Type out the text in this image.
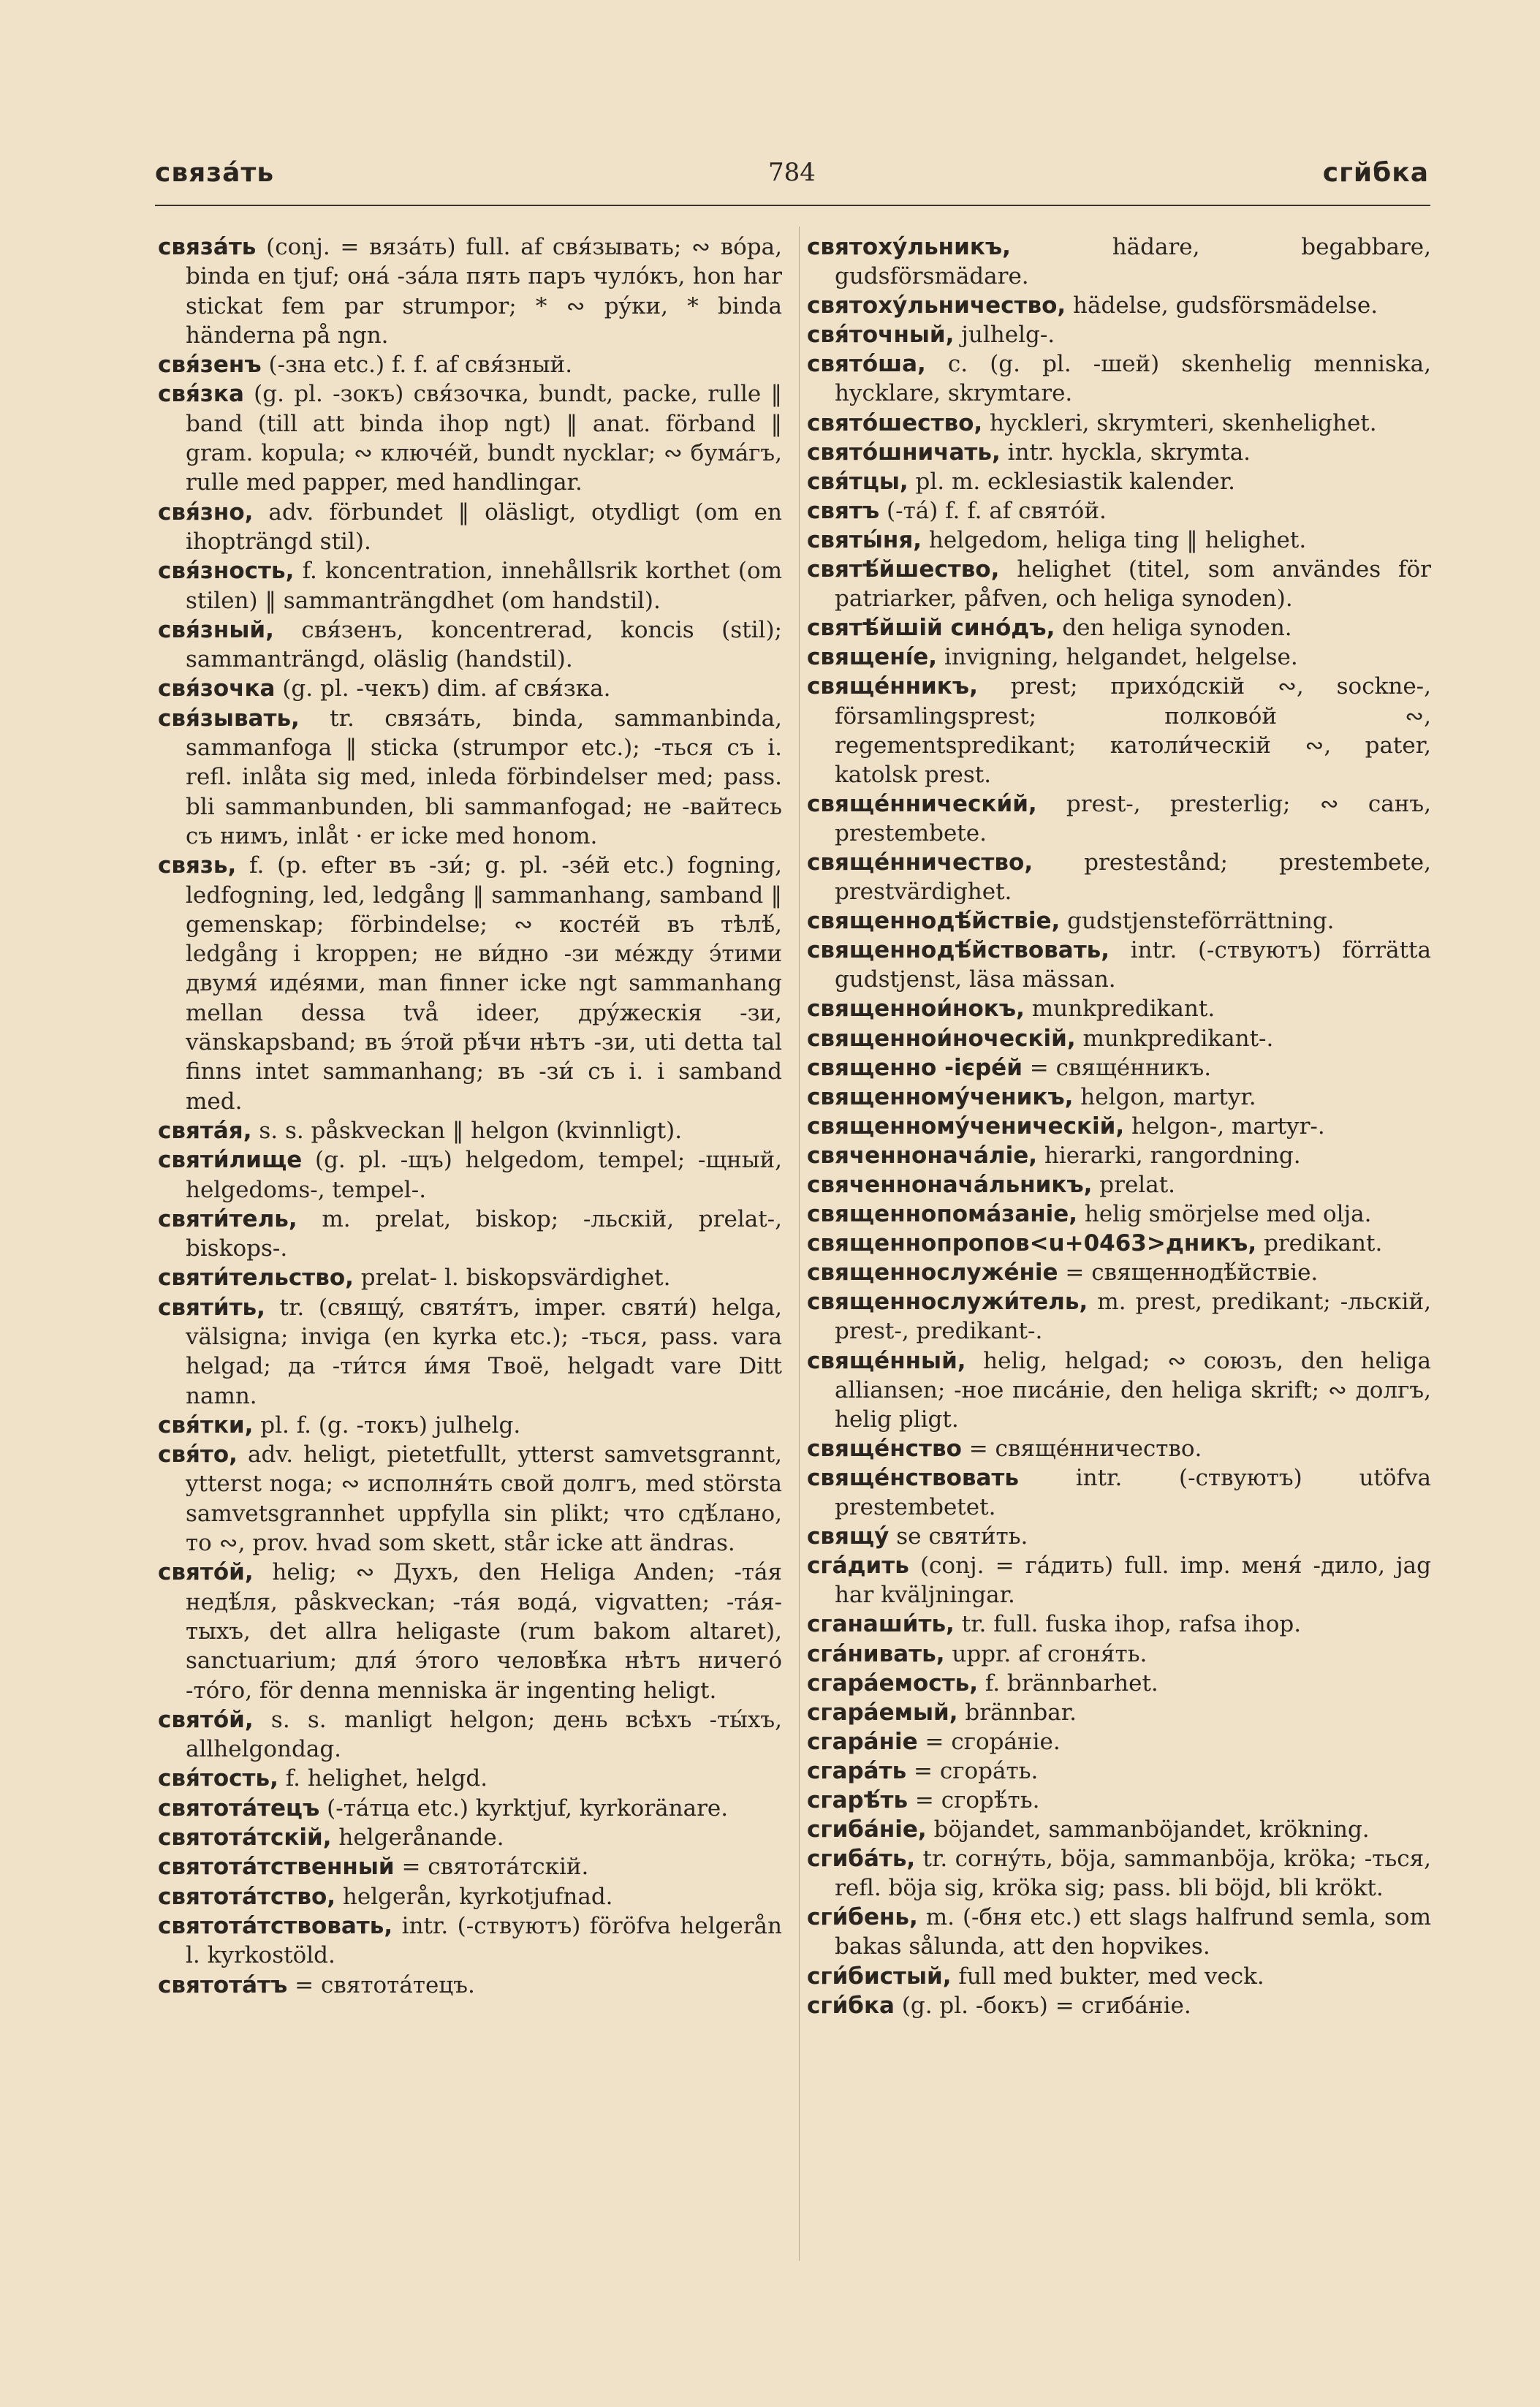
связáть	784	сгйбка

связáть (conj. = вязáть) full. af свя́зывать; ∾ вóра, binda en tjuf; онá -зáла пять паръ чулóкъ, hon har stickat fem par strumpor; * ∾ рýки, * binda händerna på ngn.

свя́зенъ (-зна etc.) f. f. af свя́зный.

свя́зка (g. pl. -зокъ) свя́зочка, bundt, packe, rulle ‖ band (till att binda ihop ngt) ‖ anat. förband ‖ gram. kopula; ∾ ключéй, bundt nycklar; ∾ бумáгъ, rulle med papper, med handlingar.

свя́зно, adv. förbundet ‖ oläsligt, otydligt (om en ihopträngd stil).

свя́зность, f. koncentration, innehållsrik korthet (om stilen) ‖ sammanträngdhet (om handstil).

свя́зный, свя́зенъ, koncentrerad, koncis (stil); sammanträngd, oläslig (handstil).

свя́зочка (g. pl. -чекъ) dim. af свя́зка.

свя́зывать, tr. связáть, binda, sammanbinda, sammanfoga ‖ sticka (strumpor etc.); -ться съ i. refl. inlåta sig med, inleda förbindelser med; pass. bli sammanbunden, bli sammanfogad; не -вайтесь съ нимъ, inlåt · er icke med honom.

связь, f. (p. efter въ -зи́; g. pl. -зéй etc.) fogning, ledfogning, led, ledgång ‖ sammanhang, samband ‖ gemenskap; förbindelse; ∾ костéй въ тѣлѣ́, ledgång i kroppen; не ви́дно -зи мéжду э́тими двумя́ идéями, man finner icke ngt sammanhang mellan dessa två ideer, дрýжескія -зи, vänskapsband; въ э́той рѣ́чи нѣтъ -зи, uti detta tal finns intet sammanhang; въ -зи́ съ i. i samband med.

святáя, s. s. påskveckan ‖ helgon (kvinnligt).

святи́лище (g. pl. -щъ) helgedom, tempel; -щный, helgedoms-, tempel-.

святи́тель, m. prelat, biskop; -льскій, prelat-, biskops-.

святи́тельство, prelat- l. biskopsvärdighet.

святи́ть, tr. (свящý, святя́тъ, imper. святи́) helga, välsigna; inviga (en kyrka etc.); -ться, pass. vara helgad; да -ти́тся и́мя Твоё, helgadt vare Ditt namn.

свя́тки, pl. f. (g. -токъ) julhelg.

свя́то, adv. heligt, pietetfullt, ytterst samvetsgrannt, ytterst noga; ∾ исполня́ть свой долгъ, med största samvetsgrannhet uppfylla sin plikt; что сдѣ́лано, то ∾, prov. hvad som skett, står icke att ändras.

святóй, helig; ∾ Духъ, den Heliga Anden; -тáя недѣ́ля, påskveckan; -тáя водá, vigvatten; -тáя-тыхъ, det allra heligaste (rum bakom altaret), sanctuarium; для́ э́того человѣ́ка нѣтъ ничегó -тóго, för denna menniska är ingenting heligt.

святóй, s. s. manligt helgon; день всѣхъ -ты́хъ, allhelgondag.

свя́тость, f. helighet, helgd.

святотáтецъ (-тáтца etc.) kyrktjuf, kyrkoränare.

святотáтскій, helgerånande.

святотáтственный = святотáтскій.

святотáтство, helgerån, kyrkotjufnad.

святотáтствовать, intr. (-ствуютъ) föröfva helgerån l. kyrkostöld.

святотáтъ = святотáтецъ.

святохýльникъ, hädare, begabbare, gudsförsmädare.

святохýльничество, hädelse, gudsförsmädelse.

свя́точный, julhelg-.

святóша, c. (g. pl. -шей) skenhelig menniska, hycklare, skrymtare.

святóшество, hyckleri, skrymteri, skenhelighet.

святóшничать, intr. hyckla, skrymta.

свя́тцы, pl. m. ecklesiastik kalender.

святъ (-тá) f. f. af святóй.

святы́ня, helgedom, heliga ting ‖ helighet.

святѣ́йшество, helighet (titel, som användes för patriarker, påfven, och heliga synoden).

святѣ́йшій синóдъ, den heliga synoden.

священíе, invigning, helgandet, helgelse.

свящéнникъ, prest; прихóдскій ∾, sockne-, församlingsprest; полковóй ∾, regementspredikant; католи́ческій ∾, pater, katolsk prest.

свящéннически́й, prest-, presterlig; ∾ санъ, prestembete.

свящéнничество, prestestånd; prestembete, prestvärdighet.

священнодѣ́йствіе, gudstjensteförrättning.

священнодѣ́йствовать, intr. (-ствуютъ) förrätta gudstjenst, läsa mässan.

священнои́нокъ, munkpredikant.

священнои́ноческій, munkpredikant-.

священно -ієрéй = свящéнникъ.

священномýченикъ, helgon, martyr.

священномýченическій, helgon-, martyr-.

свяченноначáліе, hierarki, rangordning.

свяченноначáльникъ, prelat.

священнопомáзаніе, helig smörjelse med olja.

священнопропов<u+0463>дникъ, predikant.

священнослужéніе = священнодѣ́йствіе.

священнослужи́тель, m. prest, predikant; -льскій, prest-, predikant-.

свящéнный, helig, helgad; ∾ союзъ, den heliga alliansen; -ное писáніе, den heliga skrift; ∾ долгъ, helig pligt.

свящéнство = свящéнничество.

свящéнствовать intr. (-ствуютъ) utöfva prestembetet.

свящý se святи́ть.

сгáдить (conj. = гáдить) full. imp. меня́ -дило, jag har kväljningar.

сганаши́ть, tr. full. fuska ihop, rafsa ihop.

сгáнивать, uppr. af сгоня́ть.

сгарáемость, f. brännbarhet.

сгарáемый, brännbar.

сгарáніе = сгорáніе.

сгарáть = сгорáть.

сгарѣ́ть = сгорѣ́ть.

сгибáніе, böjandet, sammanböjandet, krökning.

сгибáть, tr. согнýть, böja, sammanböja, kröka; -ться, refl. böja sig, kröka sig; pass. bli böjd, bli krökt.

сги́бень, m. (-бня etc.) ett slags halfrund semla, som bakas sålunda, att den hopvikes.

сги́бистый, full med bukter, med veck.

сги́бка (g. pl. -бокъ) = сгибáніе.
